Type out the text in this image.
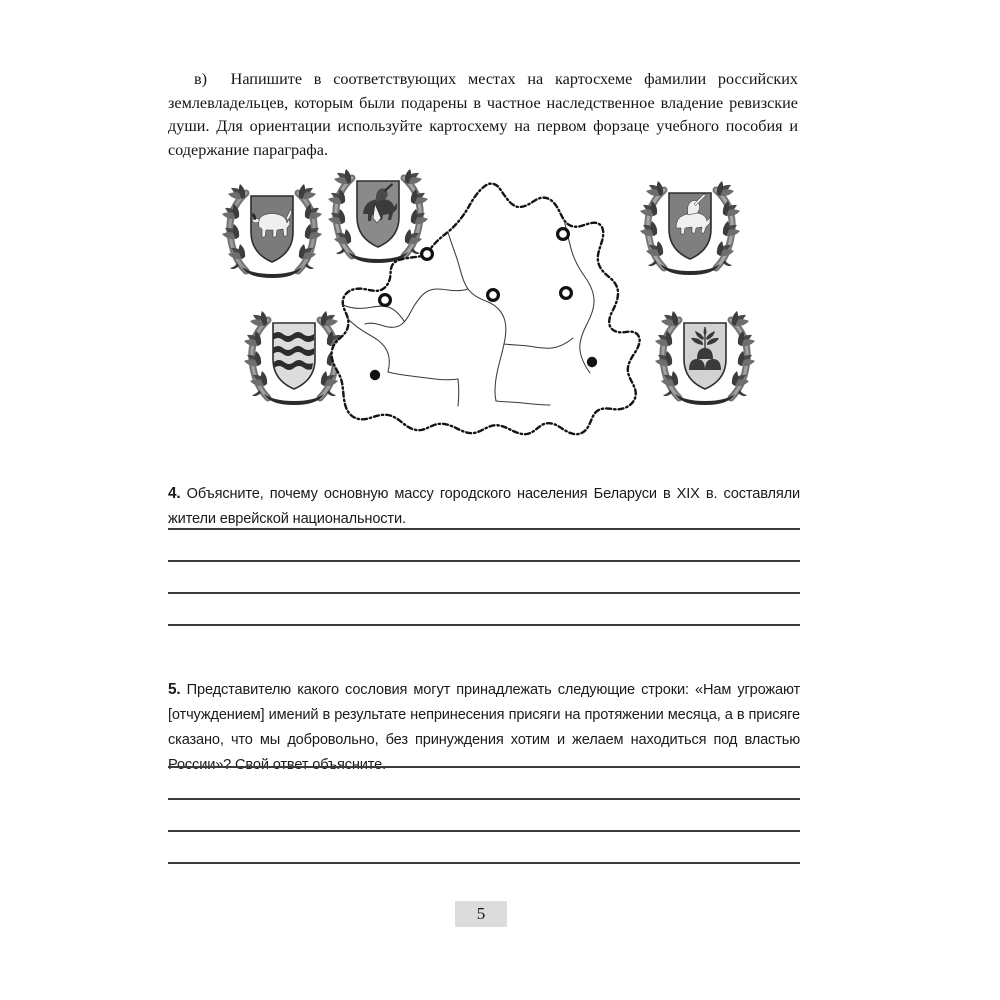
в) Напишите в соответствующих местах на картосхеме фамилии российских землевладельцев, которым были подарены в частное наследственное владение ревизские души. Для ориентации используйте картосхему на первом форзаце учебного пособия и содержание параграфа.

4. Объясните, почему основную массу городского населения Беларуси в XIX в. составляли жители еврейской национальности.

5. Представителю какого сословия могут принадлежать следующие строки: «Нам угрожают [отчуждением] имений в результате непринесения присяги на протяжении месяца, а в присяге сказано, что мы добровольно, без принуждения хотим и желаем находиться под властью России»? Свой ответ объясните.

5
